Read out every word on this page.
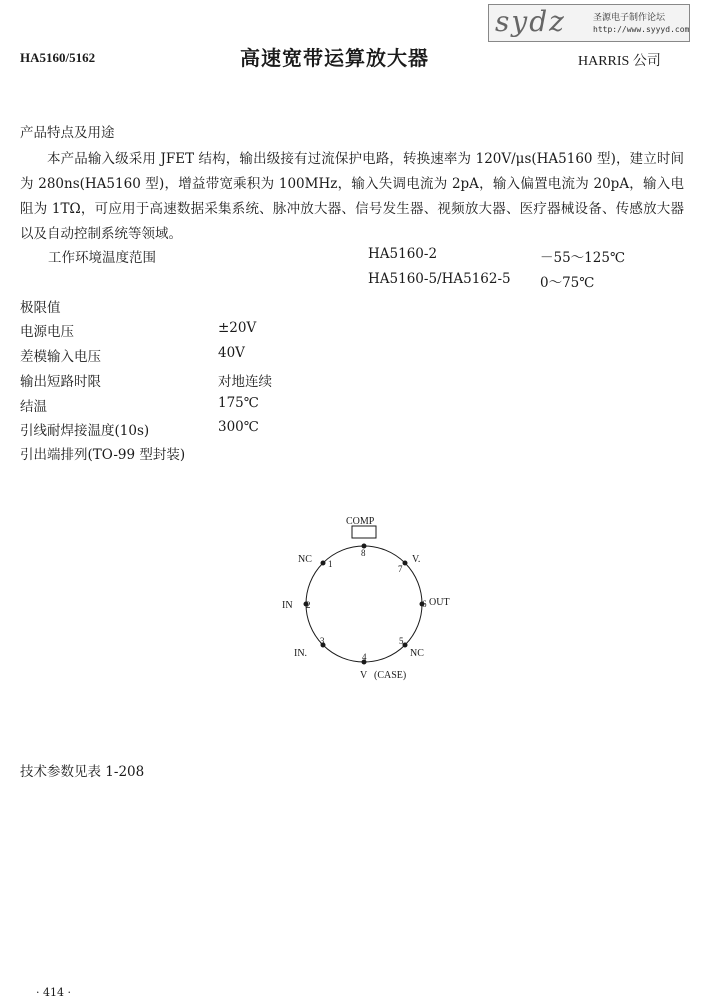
HA5160/5162	高速宽带运算放大器	HARRIS 公司
sydz	圣源电子制作论坛
http://www.syyyd.com
产品特点及用途
本产品输入级采用 JFET 结构，输出级接有过流保护电路，转换速率为 120V/μs(HA5160 型)，建立时间为 280ns(HA5160 型)，增益带宽乘积为 100MHz，输入失调电流为 2pA，输入偏置电流为 20pA，输入电阻为 1TΩ，可应用于高速数据采集系统、脉冲放大器、信号发生器、视频放大器、医疗器械设备、传感放大器以及自动控制系统等领域。
工作环境温度范围	HA5160-2	－55～125℃
HA5160-5/HA5162-5 0～75℃
极限值
电源电压	±20V
差模输入电压	40V
输出短路时限	对地连续
结温	175℃
引线耐焊接温度(10s)	300℃
引出端排列(TO-99 型封装)
COMP
8
1
NC
2
IN
3
IN.	4
V (CASE)
5
NC
6 OUT
7
V.
技术参数见表 1-208
· 414 ·
